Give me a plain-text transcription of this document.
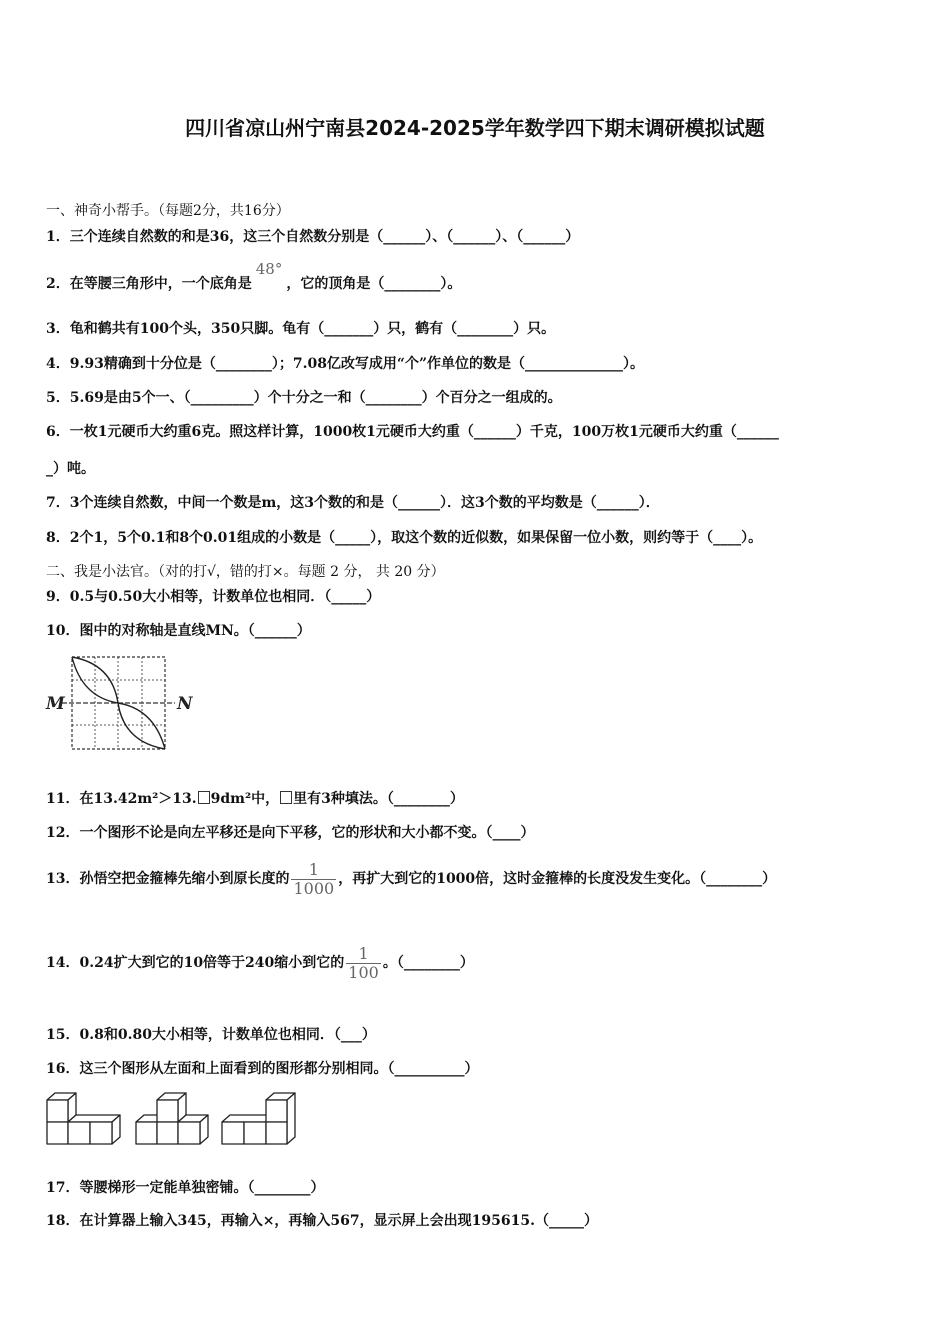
四川省凉山州宁南县2024-2025学年数学四下期末调研模拟试题
一、神奇小帮手。（每题2分，共16分）
1．三个连续自然数的和是36，这三个自然数分别是（______）、（______）、（______）
2．在等腰三角形中，一个底角是48°，它的顶角是（________）。
3．龟和鹤共有100个头，350只脚。龟有（_______）只，鹤有（________）只。
4．9.93精确到十分位是（________）；7.08亿改写成用“个”作单位的数是（______________）。
5．5.69是由5个一、（_________）个十分之一和（________）个百分之一组成的。
6．一枚1元硬币大约重6克。照这样计算，1000枚1元硬币大约重（______）千克，100万枚1元硬币大约重（______
_）吨。
7．3个连续自然数，中间一个数是m，这3个数的和是（______）．这3个数的平均数是（______）．
8．2个1，5个0.1和8个0.01组成的小数是（_____），取这个数的近似数，如果保留一位小数，则约等于（____）。
二、我是小法官。（对的打√，错的打×。每题 2 分， 共 20 分）
9．0.5与0.50大小相等，计数单位也相同．（_____）
10．图中的对称轴是直线MN。（______）
M	N
11．在13.42m²＞13. 9dm²中， 里有3种填法。（________）
12．一个图形不论是向左平移还是向下平移，它的形状和大小都不变。（____）
13．孙悟空把金箍棒先缩小到原长度的 $\frac{1}{1000}$ ，再扩大到它的1000倍，这时金箍棒的长度没发生变化。（________）
14．0.24扩大到它的10倍等于240缩小到它的 $\frac{1}{100}$ 。（________）
15．0.8和0.80大小相等，计数单位也相同．（___）
16．这三个图形从左面和上面看到的图形都分别相同。（__________）
17．等腰梯形一定能单独密铺。（________）
18．在计算器上输入345，再输入×，再输入567，显示屏上会出现195615.（_____）
